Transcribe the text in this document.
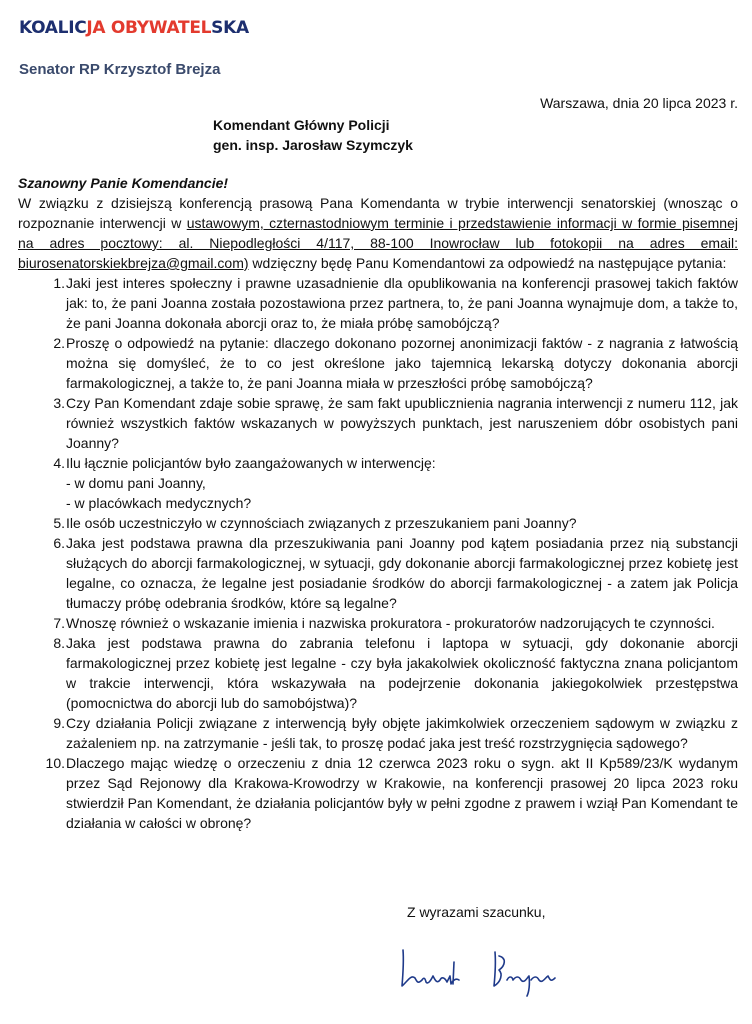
KOALICJA OBYWATELSKA
Senator RP Krzysztof Brejza
Warszawa, dnia 20 lipca 2023 r.
Komendant Główny Policji
gen. insp. Jarosław Szymczyk
Szanowny Panie Komendancie!
W związku z dzisiejszą konferencją prasową Pana Komendanta w trybie interwencji senatorskiej (wnosząc o rozpoznanie interwencji w ustawowym, czternastodniowym terminie i przedstawienie informacji w formie pisemnej na adres pocztowy: al. Niepodległości 4/117, 88-100 Inowrocław lub fotokopii na adres email: biurosenatorskiekbrejza@gmail.com) wdzięczny będę Panu Komendantowi za odpowiedź na następujące pytania:
1. Jaki jest interes społeczny i prawne uzasadnienie dla opublikowania na konferencji prasowej takich faktów jak: to, że pani Joanna została pozostawiona przez partnera, to, że pani Joanna wynajmuje dom, a także to, że pani Joanna dokonała aborcji oraz to, że miała próbę samobójczą?
2. Proszę o odpowiedź na pytanie: dlaczego dokonano pozornej anonimizacji faktów - z nagrania z łatwością można się domyśleć, że to co jest określone jako tajemnicą lekarską dotyczy dokonania aborcji farmakologicznej, a także to, że pani Joanna miała w przeszłości próbę samobójczą?
3. Czy Pan Komendant zdaje sobie sprawę, że sam fakt upublicznienia nagrania interwencji z numeru 112, jak również wszystkich faktów wskazanych w powyższych punktach, jest naruszeniem dóbr osobistych pani Joanny?
4. Ilu łącznie policjantów było zaangażowanych w interwencję:
- w domu pani Joanny,
- w placówkach medycznych?
5. Ile osób uczestniczyło w czynnościach związanych z przeszukaniem pani Joanny?
6. Jaka jest podstawa prawna dla przeszukiwania pani Joanny pod kątem posiadania przez nią substancji służących do aborcji farmakologicznej, w sytuacji, gdy dokonanie aborcji farmakologicznej przez kobietę jest legalne, co oznacza, że legalne jest posiadanie środków do aborcji farmakologicznej - a zatem jak Policja tłumaczy próbę odebrania środków, które są legalne?
7. Wnoszę również o wskazanie imienia i nazwiska prokuratora - prokuratorów nadzorujących te czynności.
8. Jaka jest podstawa prawna do zabrania telefonu i laptopa w sytuacji, gdy dokonanie aborcji farmakologicznej przez kobietę jest legalne - czy była jakakolwiek okoliczność faktyczna znana policjantom w trakcie interwencji, która wskazywała na podejrzenie dokonania jakiegokolwiek przestępstwa (pomocnictwa do aborcji lub do samobójstwa)?
9. Czy działania Policji związane z interwencją były objęte jakimkolwiek orzeczeniem sądowym w związku z zażaleniem np. na zatrzymanie - jeśli tak, to proszę podać jaka jest treść rozstrzygnięcia sądowego?
10. Dlaczego mając wiedzę o orzeczeniu z dnia 12 czerwca 2023 roku o sygn. akt II Kp589/23/K wydanym przez Sąd Rejonowy dla Krakowa-Krowodrzy w Krakowie, na konferencji prasowej 20 lipca 2023 roku stwierdził Pan Komendant, że działania policjantów były w pełni zgodne z prawem i wziął Pan Komendant te działania w całości w obronę?
Z wyrazami szacunku,
